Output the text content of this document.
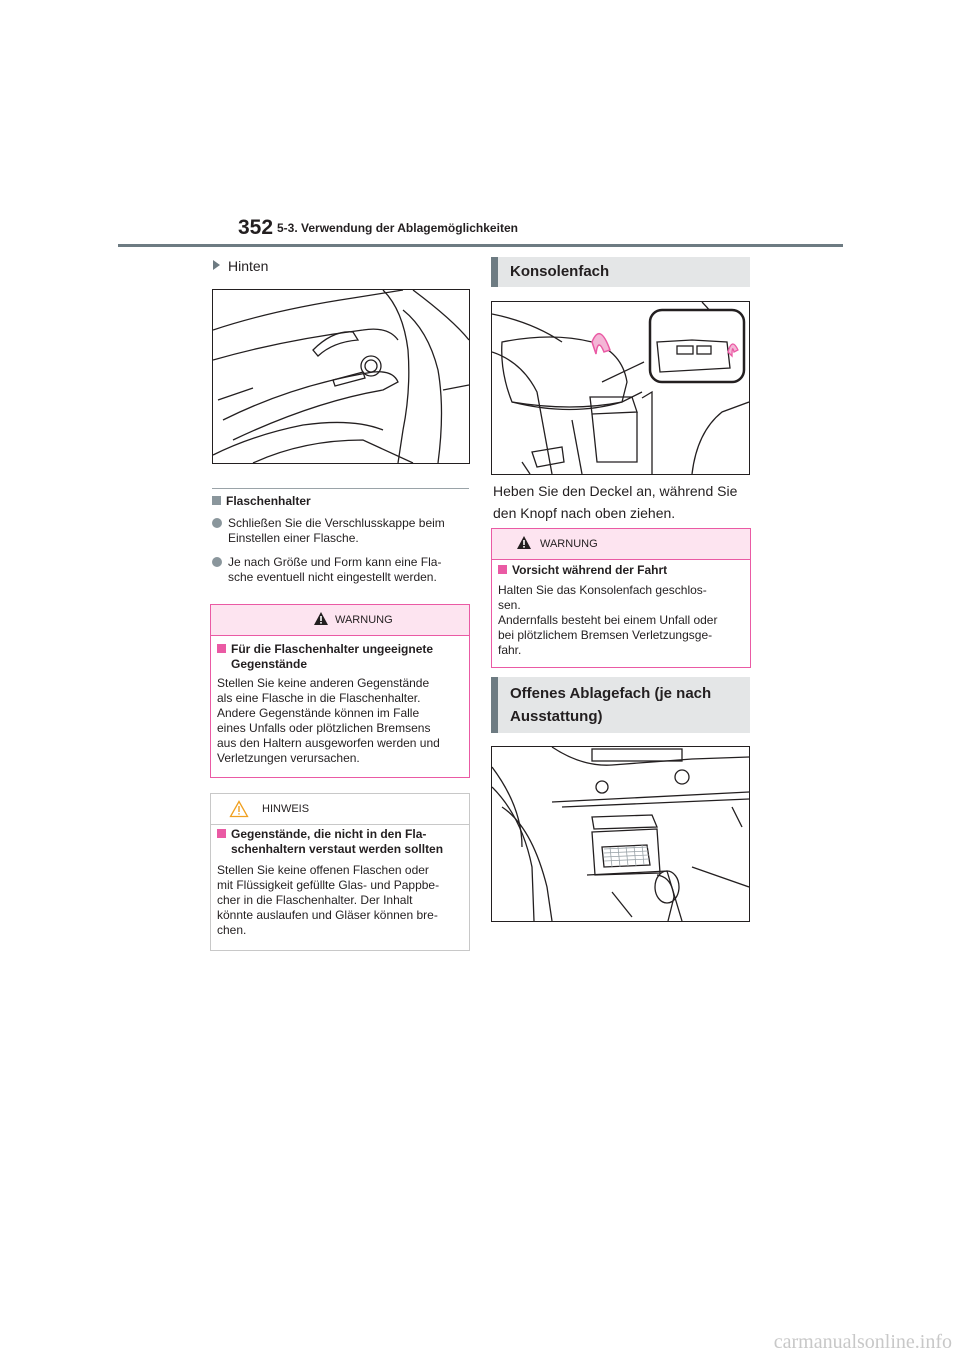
352 5-3. Verwendung der Ablagemöglichkeiten
Hinten
Flaschenhalter
Schließen Sie die Verschlusskappe beim
Einstellen einer Flasche.
Je nach Größe und Form kann eine Fla-
sche eventuell nicht eingestellt werden.
WARNUNG
Für die Flaschenhalter ungeeignete
Gegenstände
Stellen Sie keine anderen Gegenstände
als eine Flasche in die Flaschenhalter.
Andere Gegenstände können im Falle
eines Unfalls oder plötzlichen Bremsens
aus den Haltern ausgeworfen werden und
Verletzungen verursachen.
HINWEIS
Gegenstände, die nicht in den Fla-
schenhaltern verstaut werden sollten
Stellen Sie keine offenen Flaschen oder
mit Flüssigkeit gefüllte Glas- und Pappbe-
cher in die Flaschenhalter. Der Inhalt
könnte auslaufen und Gläser können bre-
chen.
Konsolenfach
Heben Sie den Deckel an, während Sie
den Knopf nach oben ziehen.
WARNUNG
Vorsicht während der Fahrt
Halten Sie das Konsolenfach geschlos-
sen.
Andernfalls besteht bei einem Unfall oder
bei plötzlichem Bremsen Verletzungsge-
fahr.
Offenes Ablagefach (je nach
Ausstattung)
carmanualsonline.info
